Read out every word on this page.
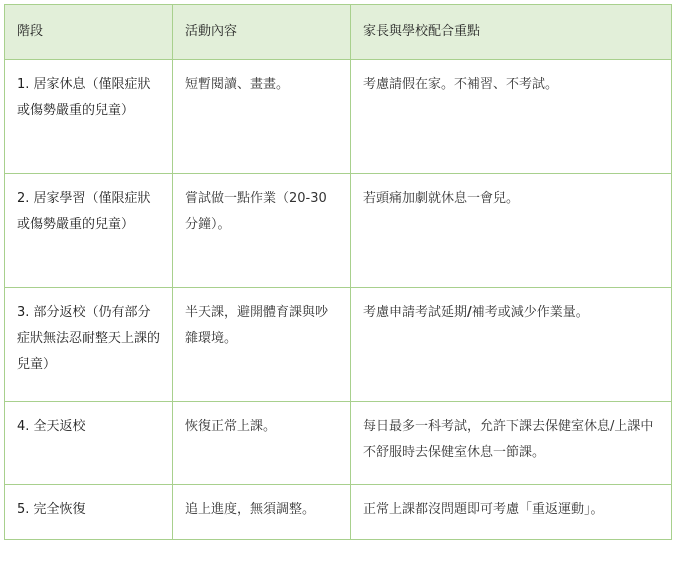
階段	活動內容	家長與學校配合重點
1. 居家休息（僅限症狀或傷勢嚴重的兒童）	短暫閱讀、畫畫。	考慮請假在家。不補習、不考試。
2. 居家學習（僅限症狀或傷勢嚴重的兒童）	嘗試做一點作業（20-30 分鐘）。	若頭痛加劇就休息一會兒。
3. 部分返校（仍有部分症狀無法忍耐整天上課的兒童）	半天課，避開體育課與吵雜環境。	考慮申請考試延期/補考或減少作業量。
4. 全天返校	恢復正常上課。	每日最多一科考試，允許下課去保健室休息/上課中不舒服時去保健室休息一節課。
5. 完全恢復	追上進度，無須調整。	正常上課都沒問題即可考慮「重返運動」。
